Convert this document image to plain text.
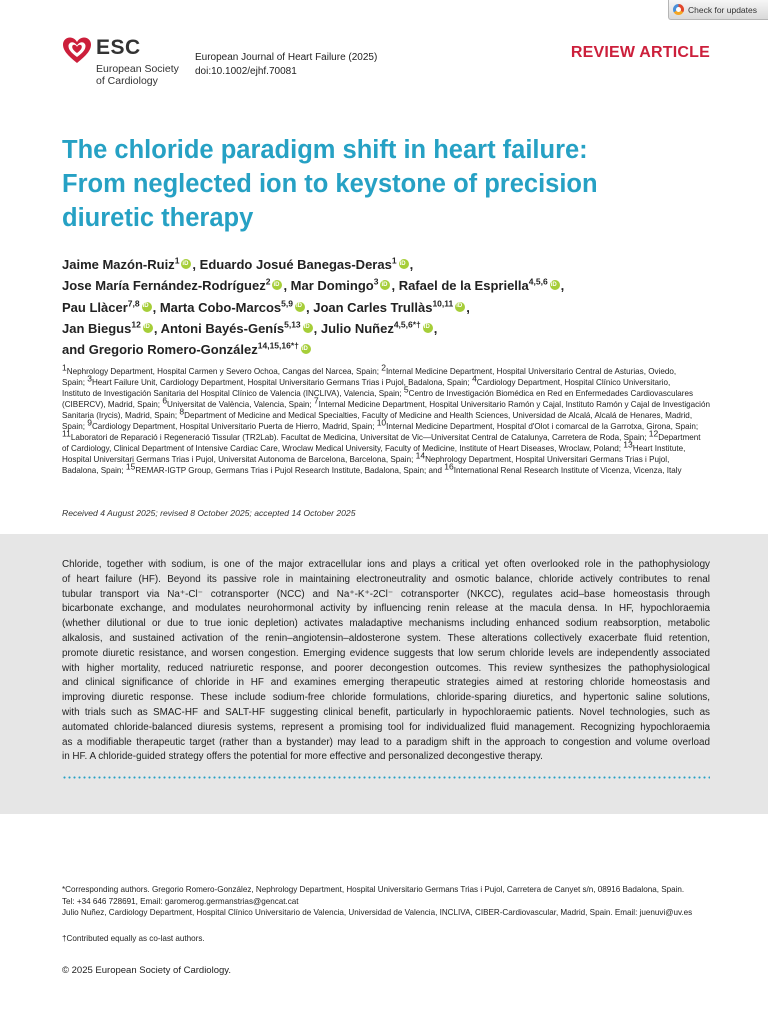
Check for updates
ESC
European Society
of Cardiology
European Journal of Heart Failure (2025)
doi:10.1002/ejhf.70081
REVIEW ARTICLE
The chloride paradigm shift in heart failure:
From neglected ion to keystone of precision
diuretic therapy
Jaime Mazón-Ruiz$^1$ iD , Eduardo Josué Banegas-Deras$^1$ iD ,
Jose María Fernández-Rodríguez$^2$ iD , Mar Domingo$^3$ iD , Rafael de la Espriella$^{4,5,6}$ iD ,
Pau Llàcer$^{7,8}$ iD , Marta Cobo-Marcos$^{5,9}$ iD , Joan Carles Trullàs$^{10,11}$ iD ,
Jan Biegus$^{12}$ iD , Antoni Bayés-Genís$^{5,13}$ iD , Julio Nuñez$^{4,5,6*\dagger}$ iD ,
and Gregorio Romero-González$^{14,15,16*\dagger}$iD
$^1$Nephrology Department, Hospital Carmen y Severo Ochoa, Cangas del Narcea, Spain; $^2$Internal Medicine Department, Hospital Universitario Central de Asturias, Oviedo,
Spain; $^3$Heart Failure Unit, Cardiology Department, Hospital Universitario Germans Trias i Pujol, Badalona, Spain; $^4$Cardiology Department, Hospital Clínico Universitario,
Instituto de Investigación Sanitaria del Hospital Clínico de Valencia (INCLIVA), Valencia, Spain; $^5$Centro de Investigación Biomédica en Red en Enfermedades Cardiovasculares
(CIBERCV), Madrid, Spain; $^6$Universitat de València, Valencia, Spain; $^7$Internal Medicine Department, Hospital Universitario Ramón y Cajal, Instituto Ramón y Cajal de Investigación
Sanitaria (Irycis), Madrid, Spain; $^8$Department of Medicine and Medical Specialties, Faculty of Medicine and Health Sciences, Universidad de Alcalá, Alcalá de Henares, Madrid,
Spain; $^9$Cardiology Department, Hospital Universitario Puerta de Hierro, Madrid, Spain; $^{10}$Internal Medicine Department, Hospital d'Olot i comarcal de la Garrotxa, Girona, Spain;
$^{11}$Laboratori de Reparació i Regeneració Tissular (TR2Lab). Facultat de Medicina, Universitat de Vic—Universitat Central de Catalunya, Carretera de Roda, Spain; $^{12}$Department
of Cardiology, Clinical Department of Intensive Cardiac Care, Wroclaw Medical University, Faculty of Medicine, Institute of Heart Diseases, Wroclaw, Poland; $^{13}$Heart Institute,
Hospital Universitari Germans Trias i Pujol, Universitat Autonoma de Barcelona, Barcelona, Spain; $^{14}$Nephrology Department, Hospital Universitari Germans Trias i Pujol,
Badalona, Spain; $^{15}$REMAR-IGTP Group, Germans Trias i Pujol Research Institute, Badalona, Spain; and $^{16}$International Renal Research Institute of Vicenza, Vicenza, Italy
Received 4 August 2025; revised 8 October 2025; accepted 14 October 2025
Chloride, together with sodium, is one of the major extracellular ions and plays a critical yet often overlooked role in the pathophysiology
of heart failure (HF). Beyond its passive role in maintaining electroneutrality and osmotic balance, chloride actively contributes to renal
tubular transport via Na⁺-Cl⁻ cotransporter (NCC) and Na⁺-K⁺-2Cl⁻ cotransporter (NKCC), regulates acid–base homeostasis through
bicarbonate exchange, and modulates neurohormonal activity by influencing renin release at the macula densa. In HF, hypochloraemia
(whether dilutional or due to true ionic depletion) activates maladaptive mechanisms including enhanced sodium reabsorption, metabolic
alkalosis, and sustained activation of the renin–angiotensin–aldosterone system. These alterations collectively exacerbate fluid retention,
promote diuretic resistance, and worsen congestion. Emerging evidence suggests that low serum chloride levels are independently associated
with higher mortality, reduced natriuretic response, and poorer decongestion outcomes. This review synthesizes the pathophysiological
and clinical significance of chloride in HF and examines emerging therapeutic strategies aimed at restoring chloride homeostasis and
improving diuretic response. These include sodium-free chloride formulations, chloride-sparing diuretics, and hypertonic saline solutions,
with trials such as SMAC-HF and SALT-HF suggesting clinical benefit, particularly in hypochloraemic patients. Novel technologies, such as
automated chloride-balanced diuresis systems, represent a promising tool for individualized fluid management. Recognizing hypochloraemia
as a modifiable therapeutic target (rather than a bystander) may lead to a paradigm shift in the approach to congestion and volume overload
in HF. A chloride-guided strategy offers the potential for more effective and personalized decongestive therapy.
*Corresponding authors. Gregorio Romero-González, Nephrology Department, Hospital Universitario Germans Trias i Pujol, Carretera de Canyet s/n, 08916 Badalona, Spain.
Tel: +34 646 728691, Email: garomerog.germanstrias@gencat.cat
Julio Nuñez, Cardiology Department, Hospital Clínico Universitario de Valencia, Universidad de Valencia, INCLIVA, CIBER-Cardiovascular, Madrid, Spain. Email: juenuvi@uv.es
†Contributed equally as co-last authors.
© 2025 European Society of Cardiology.
